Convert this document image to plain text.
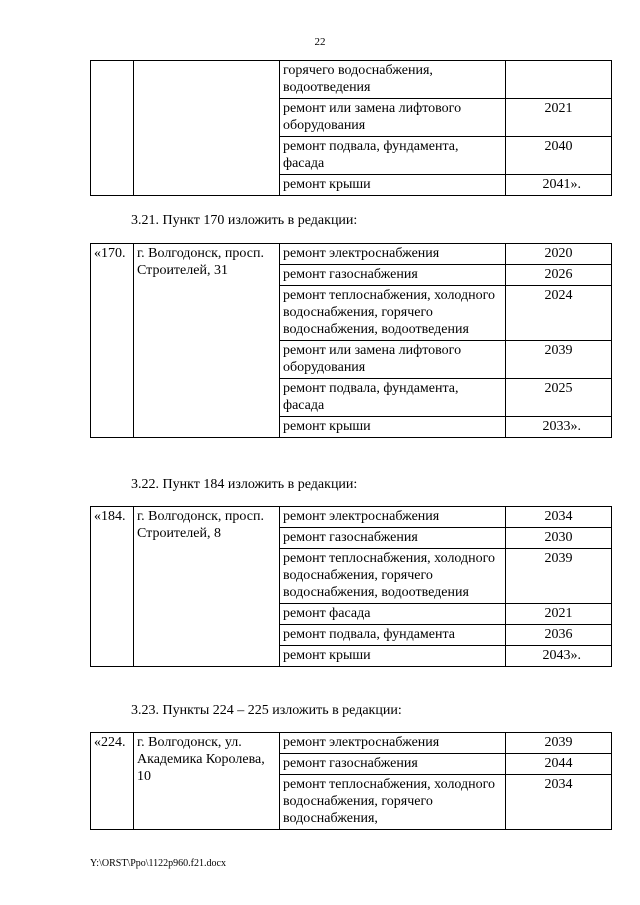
22
		горячего водоснабжения, водоотведения	
		ремонт или замена лифтового оборудования	2021
		ремонт подвала, фундамента, фасада	2040
		ремонт крыши	2041».
3.21. Пункт 170 изложить в редакции:
«170.	г. Волгодонск, просп. Строителей, 31	ремонт электроснабжения	2020
		ремонт газоснабжения	2026
		ремонт теплоснабжения, холодного водоснабжения, горячего водоснабжения, водоотведения	2024
		ремонт или замена лифтового оборудования	2039
		ремонт подвала, фундамента, фасада	2025
		ремонт крыши	2033».
3.22. Пункт 184 изложить в редакции:
«184.	г. Волгодонск, просп. Строителей, 8	ремонт электроснабжения	2034
		ремонт газоснабжения	2030
		ремонт теплоснабжения, холодного водоснабжения, горячего водоснабжения, водоотведения	2039
		ремонт фасада	2021
		ремонт подвала, фундамента	2036
		ремонт крыши	2043».
3.23. Пункты 224 – 225 изложить в редакции:
«224.	г. Волгодонск, ул. Академика Королева, 10	ремонт электроснабжения	2039
		ремонт газоснабжения	2044
		ремонт теплоснабжения, холодного водоснабжения, горячего водоснабжения,	2034
Y:\ORST\Ppo\1122p960.f21.docx
